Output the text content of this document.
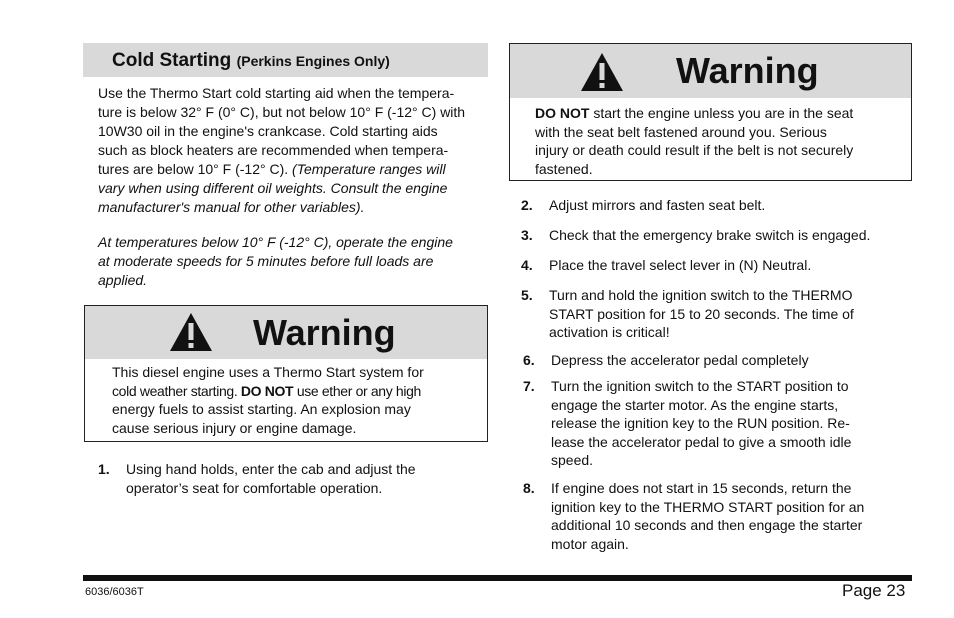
Cold Starting (Perkins Engines Only)
Use the Thermo Start cold starting aid when the tempera-
ture is below 32° F (0° C), but not below 10° F (-12° C) with
10W30 oil in the engine's crankcase. Cold starting aids
such as block heaters are recommended when tempera-
tures are below 10° F (-12° C). (Temperature ranges will
vary when using different oil weights. Consult the engine
manufacturer's manual for other variables).
At temperatures below 10° F (-12° C), operate the engine
at moderate speeds for 5 minutes before full loads are
applied.
Warning
This diesel engine uses a Thermo Start system for
cold weather starting. DO NOT use ether or any high
energy fuels to assist starting. An explosion may
cause serious injury or engine damage.
Warning
DO NOT start the engine unless you are in the seat
with the seat belt fastened around you. Serious
injury or death could result if the belt is not securely
fastened.
1. Using hand holds, enter the cab and adjust the
operator’s seat for comfortable operation.
2. Adjust mirrors and fasten seat belt.
3. Check that the emergency brake switch is engaged.
4. Place the travel select lever in (N) Neutral.
5. Turn and hold the ignition switch to the THERMO
START position for 15 to 20 seconds. The time of
activation is critical!
6. Depress the accelerator pedal completely
7. Turn the ignition switch to the START position to
engage the starter motor. As the engine starts,
release the ignition key to the RUN position. Re-
lease the accelerator pedal to give a smooth idle
speed.
8. If engine does not start in 15 seconds, return the
ignition key to the THERMO START position for an
additional 10 seconds and then engage the starter
motor again.
6036/6036T	Page 23
